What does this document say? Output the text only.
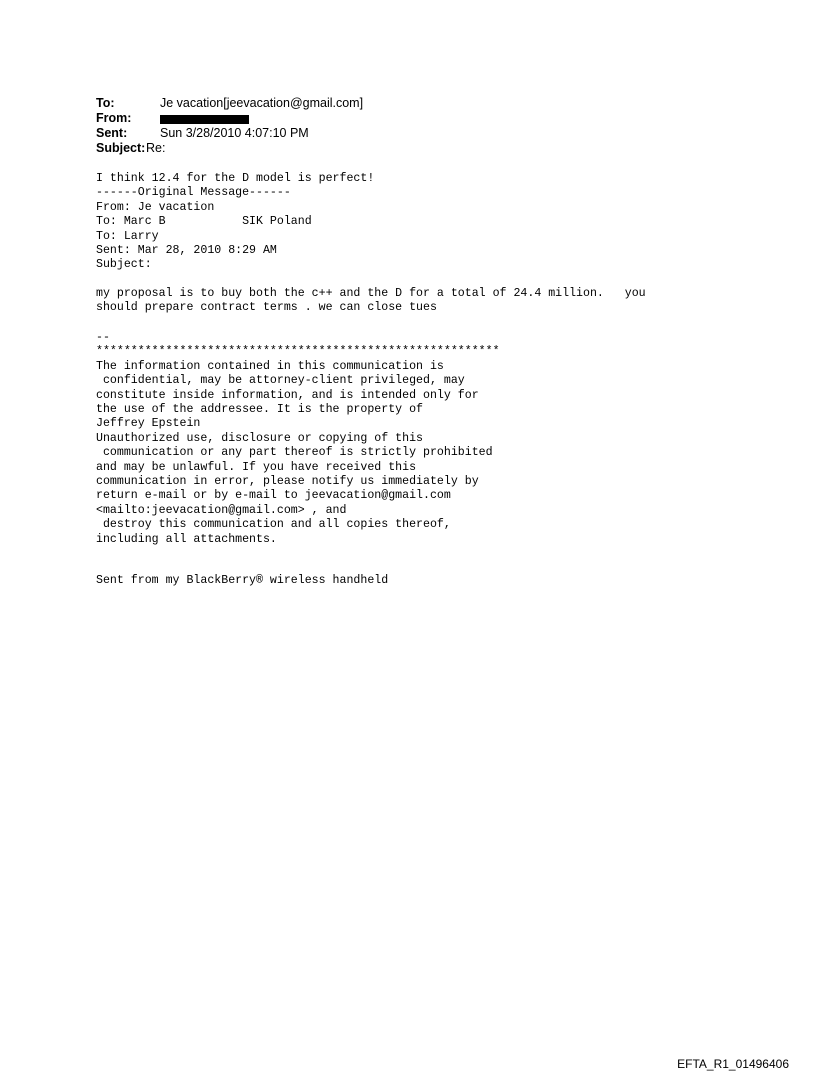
To:	Je vacation[jeevacation@gmail.com]
From:
Sent:	Sun 3/28/2010 4:07:10 PM
Subject: Re:
I think 12.4 for the D model is perfect!
------Original Message------
From: Je vacation
To: Marc B           SIK Poland
To: Larry
Sent: Mar 28, 2010 8:29 AM
Subject:
my proposal is to buy both the c++ and the D for a total of 24.4 million.   you
should prepare contract terms . we can close tues
--
**********************************************************
The information contained in this communication is
confidential, may be attorney-client privileged, may
constitute inside information, and is intended only for
the use of the addressee. It is the property of
Jeffrey Epstein
Unauthorized use, disclosure or copying of this
communication or any part thereof is strictly prohibited
and may be unlawful. If you have received this
communication in error, please notify us immediately by
return e-mail or by e-mail to jeevacation@gmail.com
<mailto:jeevacation@gmail.com> , and
destroy this communication and all copies thereof,
including all attachments.
Sent from my BlackBerry® wireless handheld
EFTA_R1_01496406
